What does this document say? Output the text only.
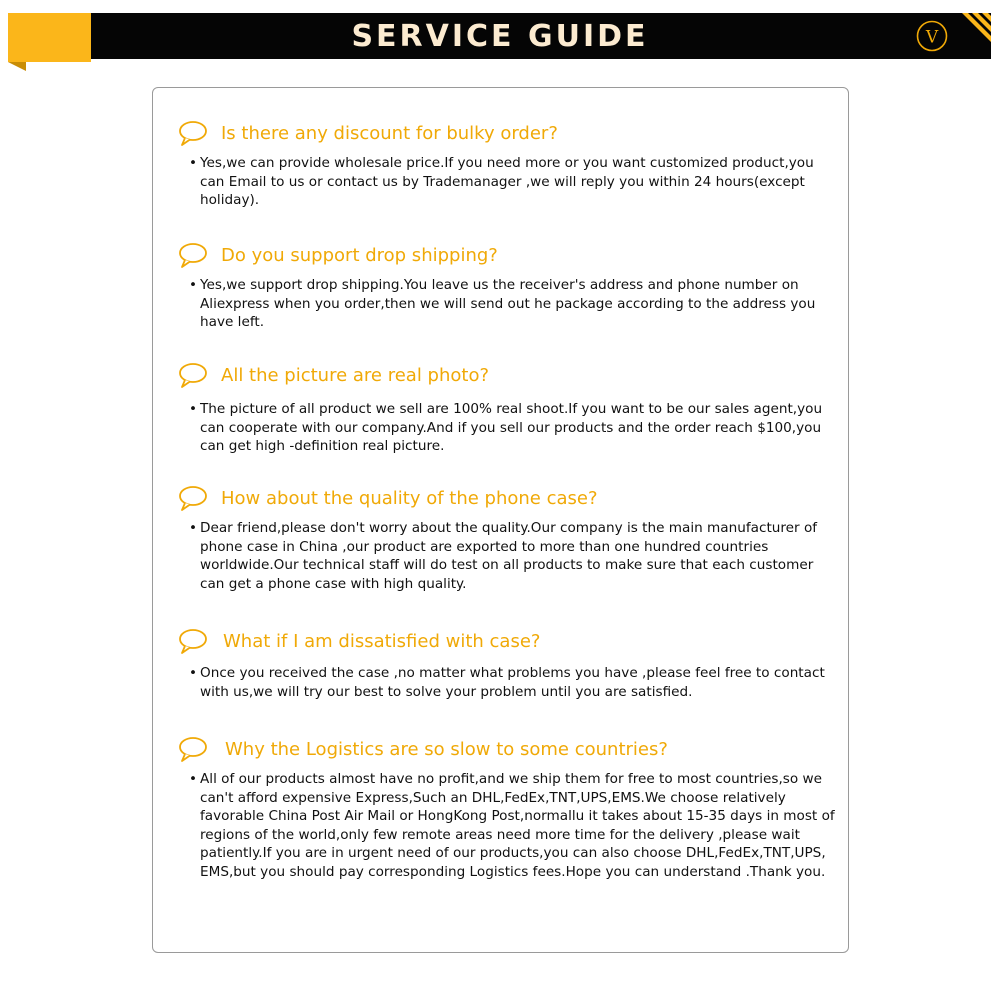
SERVICE GUIDE	V
Is there any discount for bulky order?
• Yes,we can provide wholesale price.If you need more or you want customized product,you can Email to us or contact us by Trademanager ,we will reply you within 24 hours(except holiday).
Do you support drop shipping?
• Yes,we support drop shipping.You leave us the receiver's address and phone number on Aliexpress when you order,then we will send out he package according to the address you have left.
All the picture are real photo?
• The picture of all product we sell are 100% real shoot.If you want to be our sales agent,you can cooperate with our company.And if you sell our products and the order reach $100,you can get high -definition real picture.
How about the quality of the phone case?
• Dear friend,please don't worry about the quality.Our company is the main manufacturer of phone case in China ,our product are exported to more than one hundred countries worldwide.Our technical staff will do test on all products to make sure that each customer can get a phone case with high quality.
What if I am dissatisfied with case?
• Once you received the case ,no matter what problems you have ,please feel free to contact with us,we will try our best to solve your problem until you are satisfied.
Why the Logistics are so slow to some countries?
• All of our products almost have no profit,and we ship them for free to most countries,so we can't afford expensive Express,Such an DHL,FedEx,TNT,UPS,EMS.We choose relatively favorable China Post Air Mail or HongKong Post,normallu it takes about 15-35 days in most of regions of the world,only few remote areas need more time for the delivery ,please wait patiently.If you are in urgent need of our products,you can also choose DHL,FedEx,TNT,UPS, EMS,but you should pay corresponding Logistics fees.Hope you can understand .Thank you.
